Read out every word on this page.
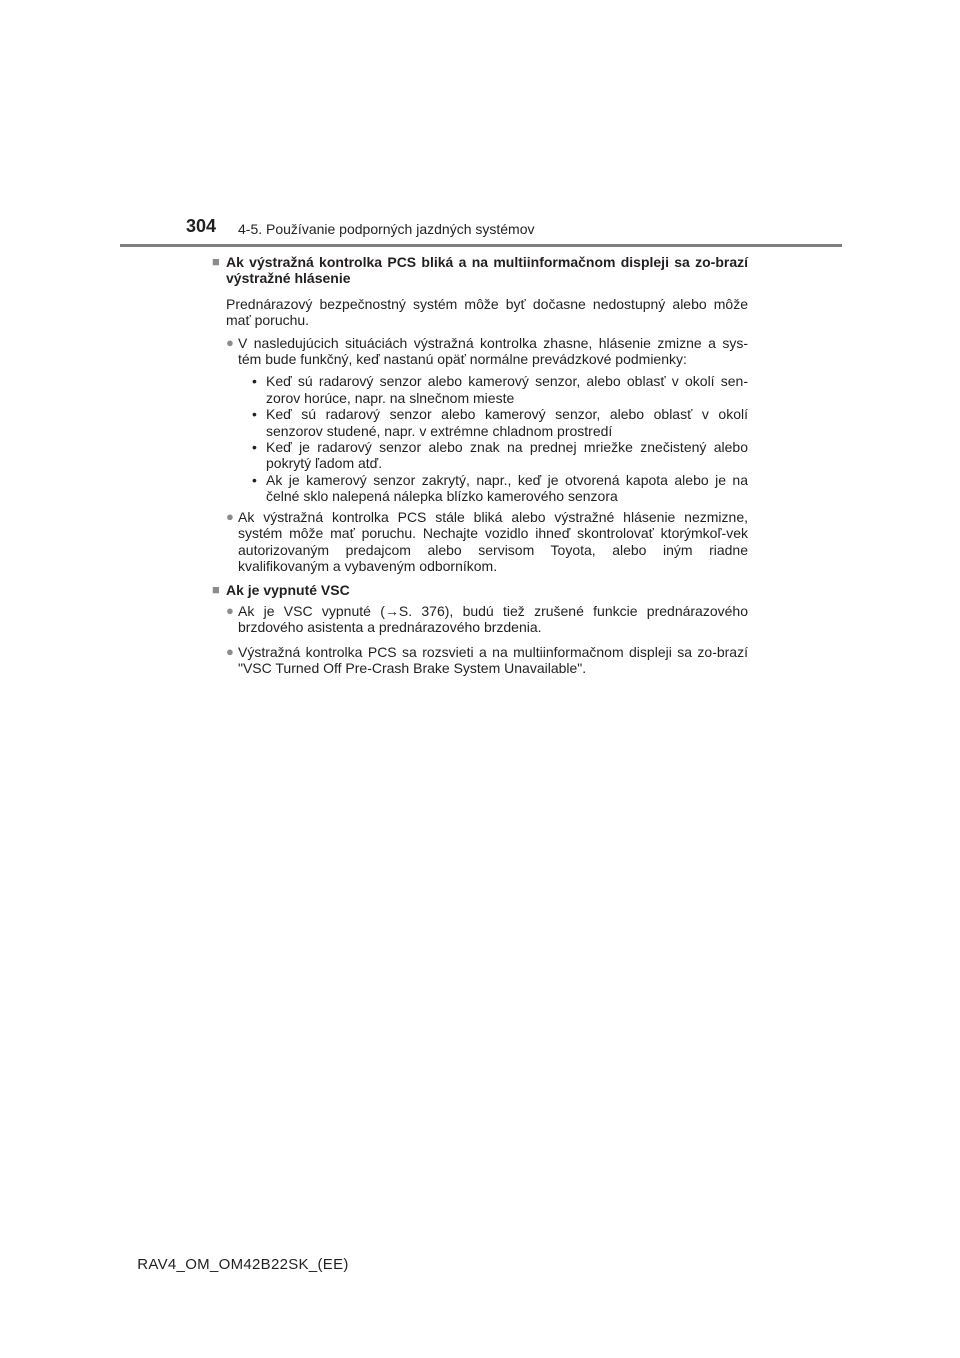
304 4-5. Používanie podporných jazdných systémov
■ Ak výstražná kontrolka PCS bliká a na multiinformačnom displeji sa zo-brazí výstražné hlásenie
Prednárazový bezpečnostný systém môže byť dočasne nedostupný alebo môže mať poruchu.
● V nasledujúcich situáciách výstražná kontrolka zhasne, hlásenie zmizne a sys-tém bude funkčný, keď nastanú opäť normálne prevádzkové podmienky:
• Keď sú radarový senzor alebo kamerový senzor, alebo oblasť v okolí sen-zorov horúce, napr. na slnečnom mieste
• Keď sú radarový senzor alebo kamerový senzor, alebo oblasť v okolí senzorov studené, napr. v extrémne chladnom prostredí
• Keď je radarový senzor alebo znak na prednej mriežke znečistený alebo pokrytý ľadom atď.
• Ak je kamerový senzor zakrytý, napr., keď je otvorená kapota alebo je na čelné sklo nalepená nálepka blízko kamerového senzora
● Ak výstražná kontrolka PCS stále bliká alebo výstražné hlásenie nezmizne, systém môže mať poruchu. Nechajte vozidlo ihneď skontrolovať ktorýmkoľ-vek autorizovaným predajcom alebo servisom Toyota, alebo iným riadne kvalifikovaným a vybaveným odborníkom.
■ Ak je vypnuté VSC
● Ak je VSC vypnuté (→S. 376), budú tiež zrušené funkcie prednárazového brzdového asistenta a prednárazového brzdenia.
● Výstražná kontrolka PCS sa rozsvieti a na multiinformačnom displeji sa zo-brazí "VSC Turned Off Pre-Crash Brake System Unavailable".
RAV4_OM_OM42B22SK_(EE)
